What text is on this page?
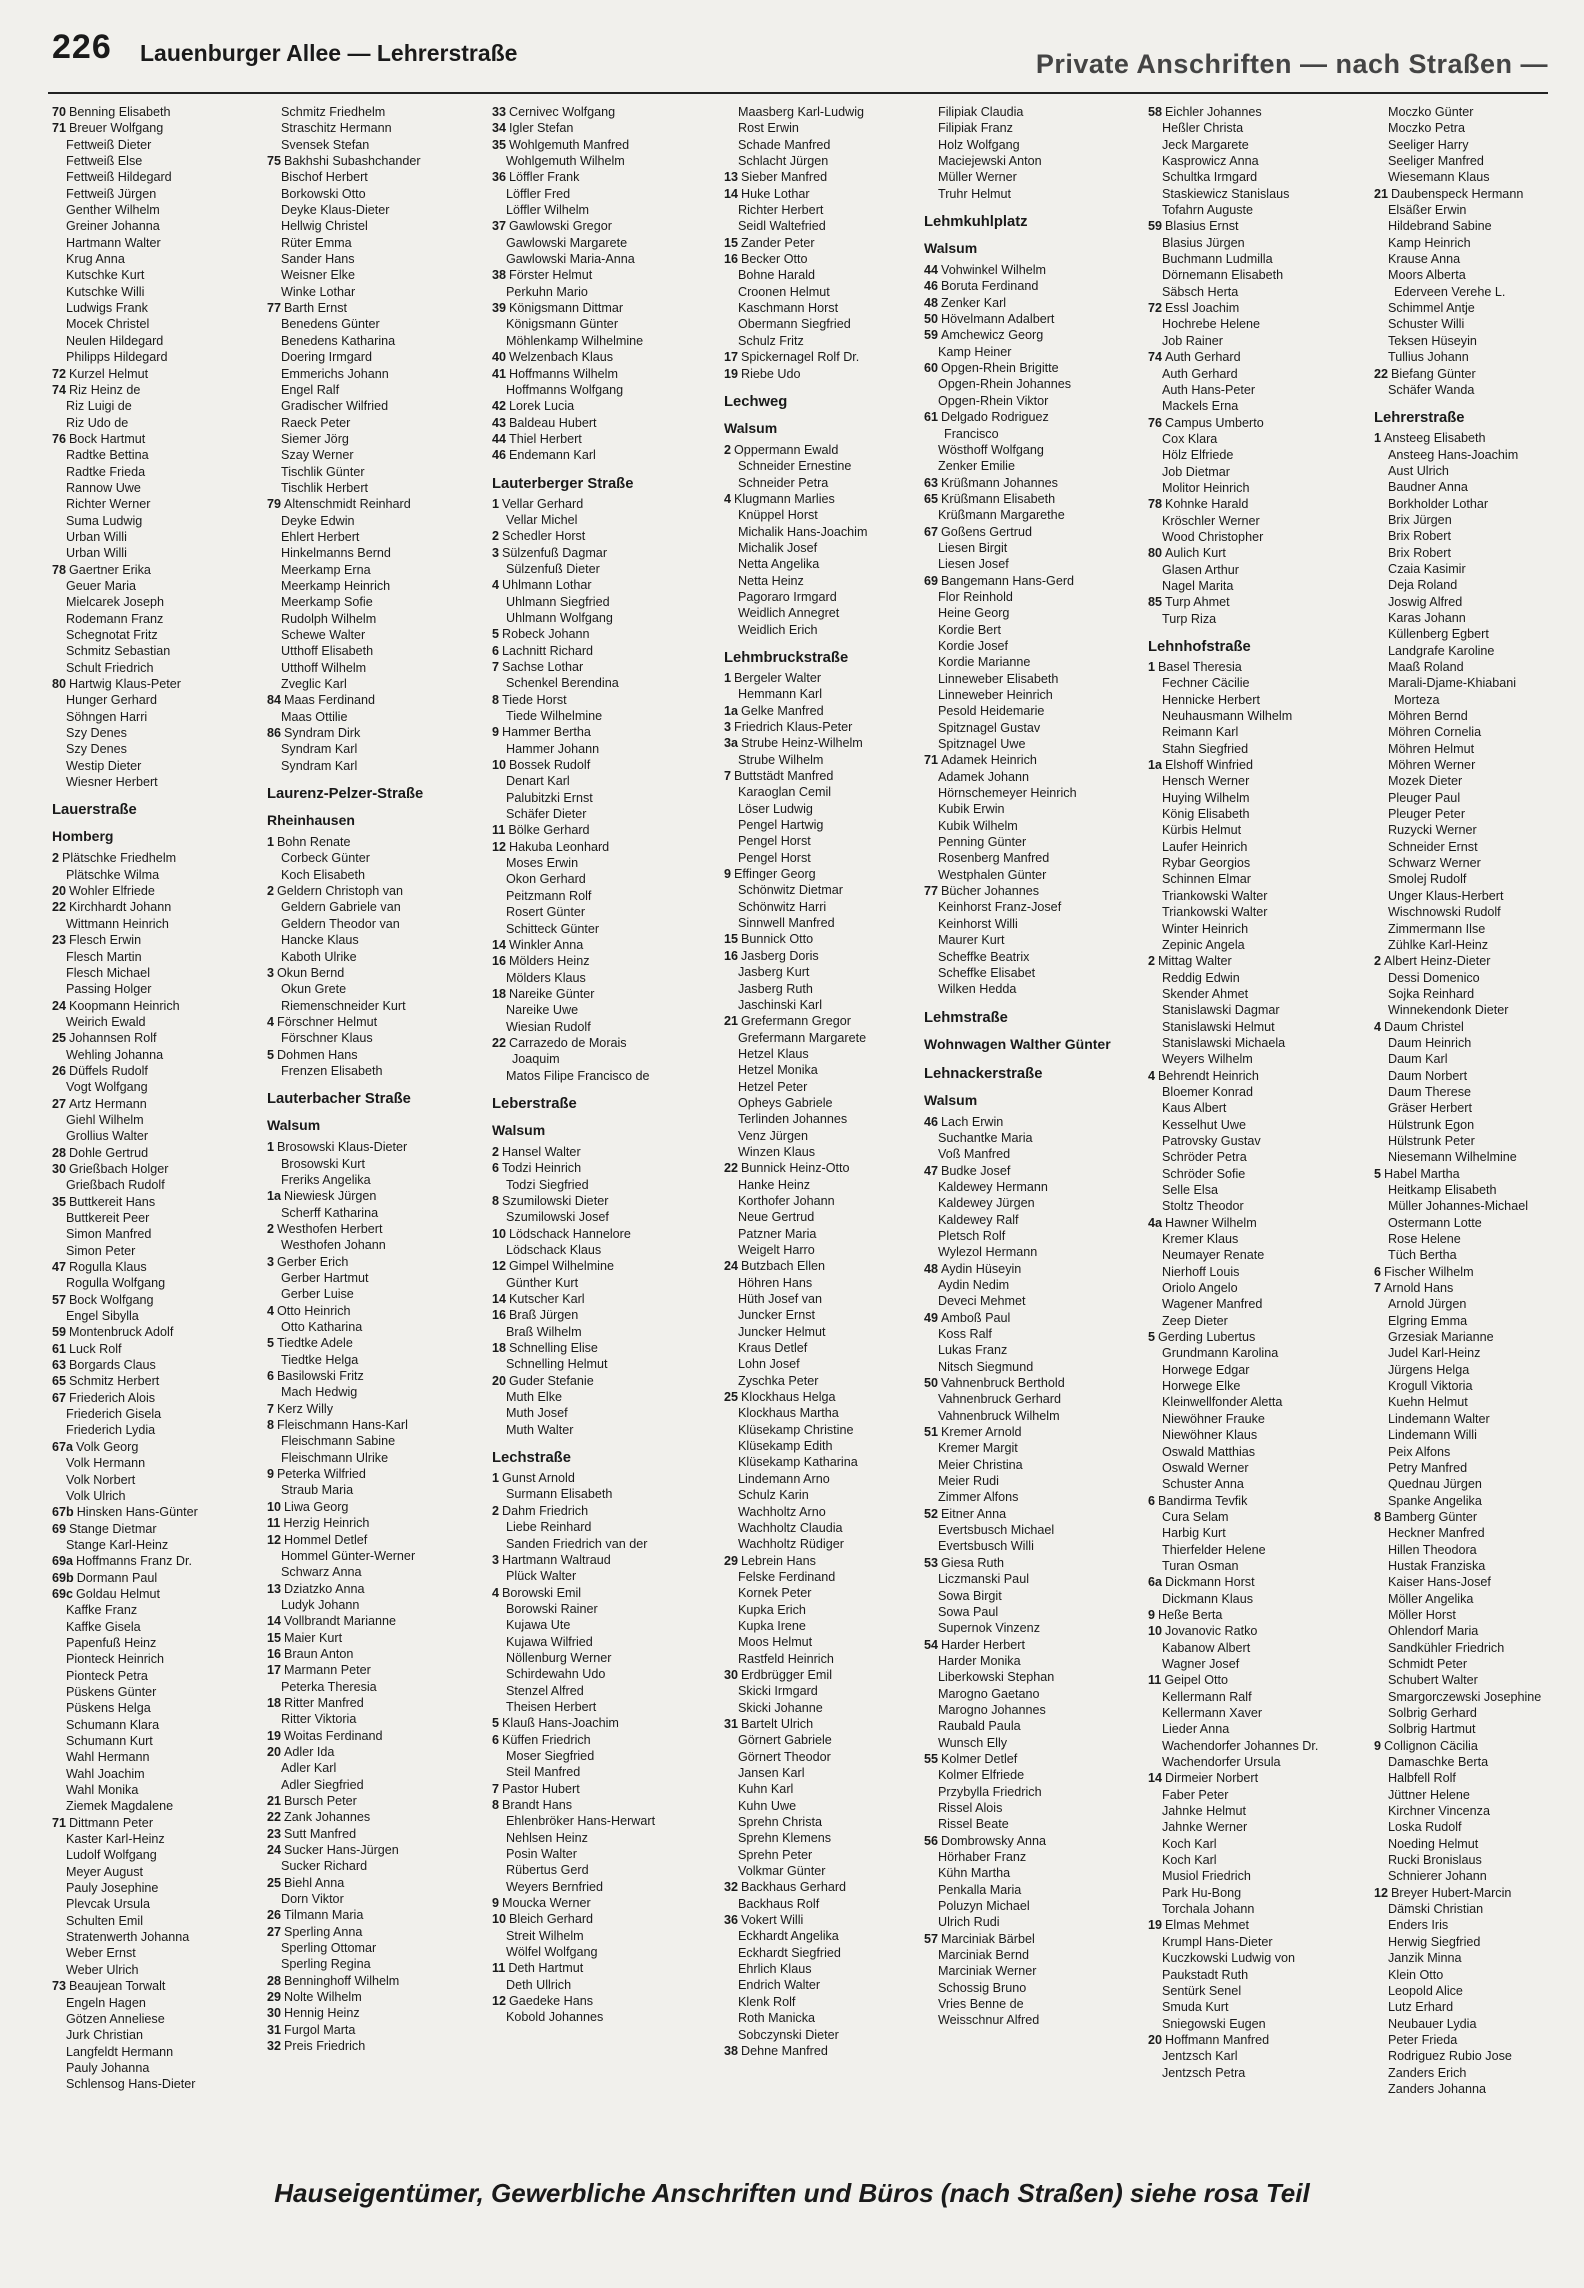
226 Lauenburger Allee — Lehrerstraße	Private Anschriften — nach Straßen —
70 Benning Elisabeth
71 Breuer Wolfgang
Fettweiß Dieter
Fettweiß Else
Fettweiß Hildegard
Fettweiß Jürgen
Genther Wilhelm
Greiner Johanna
Hartmann Walter
Krug Anna
Kutschke Kurt
Kutschke Willi
Ludwigs Frank
Mocek Christel
Neulen Hildegard
Philipps Hildegard
72 Kurzel Helmut
74 Riz Heinz de
Riz Luigi de
Riz Udo de
76 Bock Hartmut
Radtke Bettina
Radtke Frieda
Rannow Uwe
Richter Werner
Suma Ludwig
Urban Willi
Urban Willi
78 Gaertner Erika
Geuer Maria
Mielcarek Joseph
Rodemann Franz
Schegnotat Fritz
Schmitz Sebastian
Schult Friedrich
80 Hartwig Klaus-Peter
Hunger Gerhard
Söhngen Harri
Szy Denes
Szy Denes
Westip Dieter
Wiesner Herbert
Lauerstraße
Homberg
2 Plätschke Friedhelm
Plätschke Wilma
20 Wohler Elfriede
22 Kirchhardt Johann
Wittmann Heinrich
23 Flesch Erwin
Flesch Martin
Flesch Michael
Passing Holger
24 Koopmann Heinrich
Weirich Ewald
25 Johannsen Rolf
Wehling Johanna
26 Düffels Rudolf
Vogt Wolfgang
27 Artz Hermann
Giehl Wilhelm
Grollius Walter
28 Dohle Gertrud
30 Grießbach Holger
Grießbach Rudolf
35 Buttkereit Hans
Buttkereit Peer
Simon Manfred
Simon Peter
47 Rogulla Klaus
Rogulla Wolfgang
57 Bock Wolfgang
Engel Sibylla
59 Montenbruck Adolf
61 Luck Rolf
63 Borgards Claus
65 Schmitz Herbert
67 Friederich Alois
Friederich Gisela
Friederich Lydia
67a Volk Georg
Volk Hermann
Volk Norbert
Volk Ulrich
67b Hinsken Hans-Günter
69 Stange Dietmar
Stange Karl-Heinz
69a Hoffmanns Franz Dr.
69b Dormann Paul
69c Goldau Helmut
Kaffke Franz
Kaffke Gisela
Papenfuß Heinz
Pionteck Heinrich
Pionteck Petra
Püskens Günter
Püskens Helga
Schumann Klara
Schumann Kurt
Wahl Hermann
Wahl Joachim
Wahl Monika
Ziemek Magdalene
71 Dittmann Peter
Kaster Karl-Heinz
Ludolf Wolfgang
Meyer August
Pauly Josephine
Plevcak Ursula
Schulten Emil
Stratenwerth Johanna
Weber Ernst
Weber Ulrich
73 Beaujean Torwalt
Engeln Hagen
Götzen Anneliese
Jurk Christian
Langfeldt Hermann
Pauly Johanna
Schlensog Hans-Dieter
Schmitz Friedhelm
Straschitz Hermann
Svensek Stefan
75 Bakhshi Subashchander
Bischof Herbert
Borkowski Otto
Deyke Klaus-Dieter
Hellwig Christel
Rüter Emma
Sander Hans
Weisner Elke
Winke Lothar
77 Barth Ernst
Benedens Günter
Benedens Katharina
Doering Irmgard
Emmerichs Johann
Engel Ralf
Gradischer Wilfried
Raeck Peter
Siemer Jörg
Szay Werner
Tischlik Günter
Tischlik Herbert
79 Altenschmidt Reinhard
Deyke Edwin
Ehlert Herbert
Hinkelmanns Bernd
Meerkamp Erna
Meerkamp Heinrich
Meerkamp Sofie
Rudolph Wilhelm
Schewe Walter
Utthoff Elisabeth
Utthoff Wilhelm
Zveglic Karl
84 Maas Ferdinand
Maas Ottilie
86 Syndram Dirk
Syndram Karl
Syndram Karl
Laurenz-Pelzer-Straße
Rheinhausen
1 Bohn Renate
Corbeck Günter
Koch Elisabeth
2 Geldern Christoph van
Geldern Gabriele van
Geldern Theodor van
Hancke Klaus
Kaboth Ulrike
3 Okun Bernd
Okun Grete
Riemenschneider Kurt
4 Förschner Helmut
Förschner Klaus
5 Dohmen Hans
Frenzen Elisabeth
Lauterbacher Straße
Walsum
1 Brosowski Klaus-Dieter
Brosowski Kurt
Freriks Angelika
1a Niewiesk Jürgen
Scherff Katharina
2 Westhofen Herbert
Westhofen Johann
3 Gerber Erich
Gerber Hartmut
Gerber Luise
4 Otto Heinrich
Otto Katharina
5 Tiedtke Adele
Tiedtke Helga
6 Basilowski Fritz
Mach Hedwig
7 Kerz Willy
8 Fleischmann Hans-Karl
Fleischmann Sabine
Fleischmann Ulrike
9 Peterka Wilfried
Straub Maria
10 Liwa Georg
11 Herzig Heinrich
12 Hommel Detlef
Hommel Günter-Werner
Schwarz Anna
13 Dziatzko Anna
Ludyk Johann
14 Vollbrandt Marianne
15 Maier Kurt
16 Braun Anton
17 Marmann Peter
Peterka Theresia
18 Ritter Manfred
Ritter Viktoria
19 Woitas Ferdinand
20 Adler Ida
Adler Karl
Adler Siegfried
21 Bursch Peter
22 Zank Johannes
23 Sutt Manfred
24 Sucker Hans-Jürgen
Sucker Richard
25 Biehl Anna
Dorn Viktor
26 Tilmann Maria
27 Sperling Anna
Sperling Ottomar
Sperling Regina
28 Benninghoff Wilhelm
29 Nolte Wilhelm
30 Hennig Heinz
31 Furgol Marta
32 Preis Friedrich
33 Cernivec Wolfgang
34 Igler Stefan
35 Wohlgemuth Manfred
Wohlgemuth Wilhelm
36 Löffler Frank
Löffler Fred
Löffler Wilhelm
37 Gawlowski Gregor
Gawlowski Margarete
Gawlowski Maria-Anna
38 Förster Helmut
Perkuhn Mario
39 Königsmann Dittmar
Königsmann Günter
Möhlenkamp Wilhelmine
40 Welzenbach Klaus
41 Hoffmanns Wilhelm
Hoffmanns Wolfgang
42 Lorek Lucia
43 Baldeau Hubert
44 Thiel Herbert
46 Endemann Karl
Lauterberger Straße
1 Vellar Gerhard
Vellar Michel
2 Schedler Horst
3 Sülzenfuß Dagmar
Sülzenfuß Dieter
4 Uhlmann Lothar
Uhlmann Siegfried
Uhlmann Wolfgang
5 Robeck Johann
6 Lachnitt Richard
7 Sachse Lothar
Schenkel Berendina
8 Tiede Horst
Tiede Wilhelmine
9 Hammer Bertha
Hammer Johann
10 Bossek Rudolf
Denart Karl
Palubitzki Ernst
Schäfer Dieter
11 Bölke Gerhard
12 Hakuba Leonhard
Moses Erwin
Okon Gerhard
Peitzmann Rolf
Rosert Günter
Schitteck Günter
14 Winkler Anna
16 Mölders Heinz
Mölders Klaus
18 Nareike Günter
Nareike Uwe
Wiesian Rudolf
22 Carrazedo de Morais
Joaquim
Matos Filipe Francisco de
Leberstraße
Walsum
2 Hansel Walter
6 Todzi Heinrich
Todzi Siegfried
8 Szumilowski Dieter
Szumilowski Josef
10 Lödschack Hannelore
Lödschack Klaus
12 Gimpel Wilhelmine
Günther Kurt
14 Kutscher Karl
16 Braß Jürgen
Braß Wilhelm
18 Schnelling Elise
Schnelling Helmut
20 Guder Stefanie
Muth Elke
Muth Josef
Muth Walter
Lechstraße
1 Gunst Arnold
Surmann Elisabeth
2 Dahm Friedrich
Liebe Reinhard
Sanden Friedrich van der
3 Hartmann Waltraud
Plück Walter
4 Borowski Emil
Borowski Rainer
Kujawa Ute
Kujawa Wilfried
Nöllenburg Werner
Schirdewahn Udo
Stenzel Alfred
Theisen Herbert
5 Klauß Hans-Joachim
6 Küffen Friedrich
Moser Siegfried
Steil Manfred
7 Pastor Hubert
8 Brandt Hans
Ehlenbröker Hans-Herwart
Nehlsen Heinz
Posin Walter
Rübertus Gerd
Weyers Bernfried
9 Moucka Werner
10 Bleich Gerhard
Streit Wilhelm
Wölfel Wolfgang
11 Deth Hartmut
Deth Ullrich
12 Gaedeke Hans
Kobold Johannes
Maasberg Karl-Ludwig
Rost Erwin
Schade Manfred
Schlacht Jürgen
13 Sieber Manfred
14 Huke Lothar
Richter Herbert
Seidl Waltefried
15 Zander Peter
16 Becker Otto
Bohne Harald
Croonen Helmut
Kaschmann Horst
Obermann Siegfried
Schulz Fritz
17 Spickernagel Rolf Dr.
19 Riebe Udo
Lechweg
Walsum
2 Oppermann Ewald
Schneider Ernestine
Schneider Petra
4 Klugmann Marlies
Knüppel Horst
Michalik Hans-Joachim
Michalik Josef
Netta Angelika
Netta Heinz
Pagoraro Irmgard
Weidlich Annegret
Weidlich Erich
Lehmbruckstraße
1 Bergeler Walter
Hemmann Karl
1a Gelke Manfred
3 Friedrich Klaus-Peter
3a Strube Heinz-Wilhelm
Strube Wilhelm
7 Buttstädt Manfred
Karaoglan Cemil
Löser Ludwig
Pengel Hartwig
Pengel Horst
Pengel Horst
9 Effinger Georg
Schönwitz Dietmar
Schönwitz Harri
Sinnwell Manfred
15 Bunnick Otto
16 Jasberg Doris
Jasberg Kurt
Jasberg Ruth
Jaschinski Karl
21 Grefermann Gregor
Grefermann Margarete
Hetzel Klaus
Hetzel Monika
Hetzel Peter
Opheys Gabriele
Terlinden Johannes
Venz Jürgen
Winzen Klaus
22 Bunnick Heinz-Otto
Hanke Heinz
Korthofer Johann
Neue Gertrud
Patzner Maria
Weigelt Harro
24 Butzbach Ellen
Höhren Hans
Hüth Josef van
Juncker Ernst
Juncker Helmut
Kraus Detlef
Lohn Josef
Zyschka Peter
25 Klockhaus Helga
Klockhaus Martha
Klüsekamp Christine
Klüsekamp Edith
Klüsekamp Katharina
Lindemann Arno
Schulz Karin
Wachholtz Arno
Wachholtz Claudia
Wachholtz Rüdiger
29 Lebrein Hans
Felske Ferdinand
Kornek Peter
Kupka Erich
Kupka Irene
Moos Helmut
Rastfeld Heinrich
30 Erdbrügger Emil
Skicki Irmgard
Skicki Johanne
31 Bartelt Ulrich
Görnert Gabriele
Görnert Theodor
Jansen Karl
Kuhn Karl
Kuhn Uwe
Sprehn Christa
Sprehn Klemens
Sprehn Peter
Volkmar Günter
32 Backhaus Gerhard
Backhaus Rolf
36 Vokert Willi
Eckhardt Angelika
Eckhardt Siegfried
Ehrlich Klaus
Endrich Walter
Klenk Rolf
Roth Manicka
Sobczynski Dieter
38 Dehne Manfred
Filipiak Claudia
Filipiak Franz
Holz Wolfgang
Maciejewski Anton
Müller Werner
Truhr Helmut
Lehmkuhlplatz
Walsum
44 Vohwinkel Wilhelm
46 Boruta Ferdinand
48 Zenker Karl
50 Hövelmann Adalbert
59 Amchewicz Georg
Kamp Heiner
60 Opgen-Rhein Brigitte
Opgen-Rhein Johannes
Opgen-Rhein Viktor
61 Delgado Rodriguez
Francisco
Wösthoff Wolfgang
Zenker Emilie
63 Krüßmann Johannes
65 Krüßmann Elisabeth
Krüßmann Margarethe
67 Goßens Gertrud
Liesen Birgit
Liesen Josef
69 Bangemann Hans-Gerd
Flor Reinhold
Heine Georg
Kordie Bert
Kordie Josef
Kordie Marianne
Linneweber Elisabeth
Linneweber Heinrich
Pesold Heidemarie
Spitznagel Gustav
Spitznagel Uwe
71 Adamek Heinrich
Adamek Johann
Hörnschemeyer Heinrich
Kubik Erwin
Kubik Wilhelm
Penning Günter
Rosenberg Manfred
Westphalen Günter
77 Bücher Johannes
Keinhorst Franz-Josef
Keinhorst Willi
Maurer Kurt
Scheffke Beatrix
Scheffke Elisabet
Wilken Hedda
Lehmstraße
Wohnwagen Walther Günter
Lehnackerstraße
Walsum
46 Lach Erwin
Suchantke Maria
Voß Manfred
47 Budke Josef
Kaldewey Hermann
Kaldewey Jürgen
Kaldewey Ralf
Pletsch Rolf
Wylezol Hermann
48 Aydin Hüseyin
Aydin Nedim
Deveci Mehmet
49 Amboß Paul
Koss Ralf
Lukas Franz
Nitsch Siegmund
50 Vahnenbruck Berthold
Vahnenbruck Gerhard
Vahnenbruck Wilhelm
51 Kremer Arnold
Kremer Margit
Meier Christina
Meier Rudi
Zimmer Alfons
52 Eitner Anna
Evertsbusch Michael
Evertsbusch Willi
53 Giesa Ruth
Liczmanski Paul
Sowa Birgit
Sowa Paul
Supernok Vinzenz
54 Harder Herbert
Harder Monika
Liberkowski Stephan
Marogno Gaetano
Marogno Johannes
Raubald Paula
Wunsch Elly
55 Kolmer Detlef
Kolmer Elfriede
Przybylla Friedrich
Rissel Alois
Rissel Beate
56 Dombrowsky Anna
Hörhaber Franz
Kühn Martha
Penkalla Maria
Poluzyn Michael
Ulrich Rudi
57 Marciniak Bärbel
Marciniak Bernd
Marciniak Werner
Schossig Bruno
Vries Benne de
Weisschnur Alfred
58 Eichler Johannes
Heßler Christa
Jeck Margarete
Kasprowicz Anna
Schultka Irmgard
Staskiewicz Stanislaus
Tofahrn Auguste
59 Blasius Ernst
Blasius Jürgen
Buchmann Ludmilla
Dörnemann Elisabeth
Säbsch Herta
72 Essl Joachim
Hochrebe Helene
Job Rainer
74 Auth Gerhard
Auth Gerhard
Auth Hans-Peter
Mackels Erna
76 Campus Umberto
Cox Klara
Hölz Elfriede
Job Dietmar
Molitor Heinrich
78 Kohnke Harald
Kröschler Werner
Wood Christopher
80 Aulich Kurt
Glasen Arthur
Nagel Marita
85 Turp Ahmet
Turp Riza
Lehnhofstraße
1 Basel Theresia
Fechner Cäcilie
Hennicke Herbert
Neuhausmann Wilhelm
Reimann Karl
Stahn Siegfried
1a Elshoff Winfried
Hensch Werner
Huying Wilhelm
König Elisabeth
Kürbis Helmut
Laufer Heinrich
Rybar Georgios
Schinnen Elmar
Triankowski Walter
Triankowski Walter
Winter Heinrich
Zepinic Angela
2 Mittag Walter
Reddig Edwin
Skender Ahmet
Stanislawski Dagmar
Stanislawski Helmut
Stanislawski Michaela
Weyers Wilhelm
4 Behrendt Heinrich
Bloemer Konrad
Kaus Albert
Kesselhut Uwe
Patrovsky Gustav
Schröder Petra
Schröder Sofie
Selle Elsa
Stoltz Theodor
4a Hawner Wilhelm
Kremer Klaus
Neumayer Renate
Nierhoff Louis
Oriolo Angelo
Wagener Manfred
Zeep Dieter
5 Gerding Lubertus
Grundmann Karolina
Horwege Edgar
Horwege Elke
Kleinwellfonder Aletta
Niewöhner Frauke
Niewöhner Klaus
Oswald Matthias
Oswald Werner
Schuster Anna
6 Bandirma Tevfik
Cura Selam
Harbig Kurt
Thierfelder Helene
Turan Osman
6a Dickmann Horst
Dickmann Klaus
9 Heße Berta
10 Jovanovic Ratko
Kabanow Albert
Wagner Josef
11 Geipel Otto
Kellermann Ralf
Kellermann Xaver
Lieder Anna
Wachendorfer Johannes Dr.
Wachendorfer Ursula
14 Dirmeier Norbert
Faber Peter
Jahnke Helmut
Jahnke Werner
Koch Karl
Koch Karl
Musiol Friedrich
Park Hu-Bong
Torchala Johann
19 Elmas Mehmet
Krumpl Hans-Dieter
Kuczkowski Ludwig von
Paukstadt Ruth
Sentürk Senel
Smuda Kurt
Sniegowski Eugen
20 Hoffmann Manfred
Jentzsch Karl
Jentzsch Petra
Moczko Günter
Moczko Petra
Seeliger Harry
Seeliger Manfred
Wiesemann Klaus
21 Daubenspeck Hermann
Elsäßer Erwin
Hildebrand Sabine
Kamp Heinrich
Krause Anna
Moors Alberta
Ederveen Verehe L.
Schimmel Antje
Schuster Willi
Teksen Hüseyin
Tullius Johann
22 Biefang Günter
Schäfer Wanda
Lehrerstraße
1 Ansteeg Elisabeth
Ansteeg Hans-Joachim
Aust Ulrich
Baudner Anna
Borkholder Lothar
Brix Jürgen
Brix Robert
Brix Robert
Czaia Kasimir
Deja Roland
Joswig Alfred
Karas Johann
Küllenberg Egbert
Landgrafe Karoline
Maaß Roland
Marali-Djame-Khiabani
Morteza
Möhren Bernd
Möhren Cornelia
Möhren Helmut
Möhren Werner
Mozek Dieter
Pleuger Paul
Pleuger Peter
Ruzycki Werner
Schneider Ernst
Schwarz Werner
Smolej Rudolf
Unger Klaus-Herbert
Wischnowski Rudolf
Zimmermann Ilse
Zühlke Karl-Heinz
2 Albert Heinz-Dieter
Dessi Domenico
Sojka Reinhard
Winnekendonk Dieter
4 Daum Christel
Daum Heinrich
Daum Karl
Daum Norbert
Daum Therese
Gräser Herbert
Hülstrunk Egon
Hülstrunk Peter
Niesemann Wilhelmine
5 Habel Martha
Heitkamp Elisabeth
Müller Johannes-Michael
Ostermann Lotte
Rose Helene
Tüch Bertha
6 Fischer Wilhelm
7 Arnold Hans
Arnold Jürgen
Elgring Emma
Grzesiak Marianne
Judel Karl-Heinz
Jürgens Helga
Krogull Viktoria
Kuehn Helmut
Lindemann Walter
Lindemann Willi
Peix Alfons
Petry Manfred
Quednau Jürgen
Spanke Angelika
8 Bamberg Günter
Heckner Manfred
Hillen Theodora
Hustak Franziska
Kaiser Hans-Josef
Möller Angelika
Möller Horst
Ohlendorf Maria
Sandkühler Friedrich
Schmidt Peter
Schubert Walter
Smargorczewski Josephine
Solbrig Gerhard
Solbrig Hartmut
9 Collignon Cäcilia
Damaschke Berta
Halbfell Rolf
Jüttner Helene
Kirchner Vincenza
Loska Rudolf
Noeding Helmut
Rucki Bronislaus
Schnierer Johann
12 Breyer Hubert-Marcin
Dämski Christian
Enders Iris
Herwig Siegfried
Janzik Minna
Klein Otto
Leopold Alice
Lutz Erhard
Neubauer Lydia
Peter Frieda
Rodriguez Rubio Jose
Zanders Erich
Zanders Johanna
Hauseigentümer, Gewerbliche Anschriften und Büros (nach Straßen) siehe rosa Teil
